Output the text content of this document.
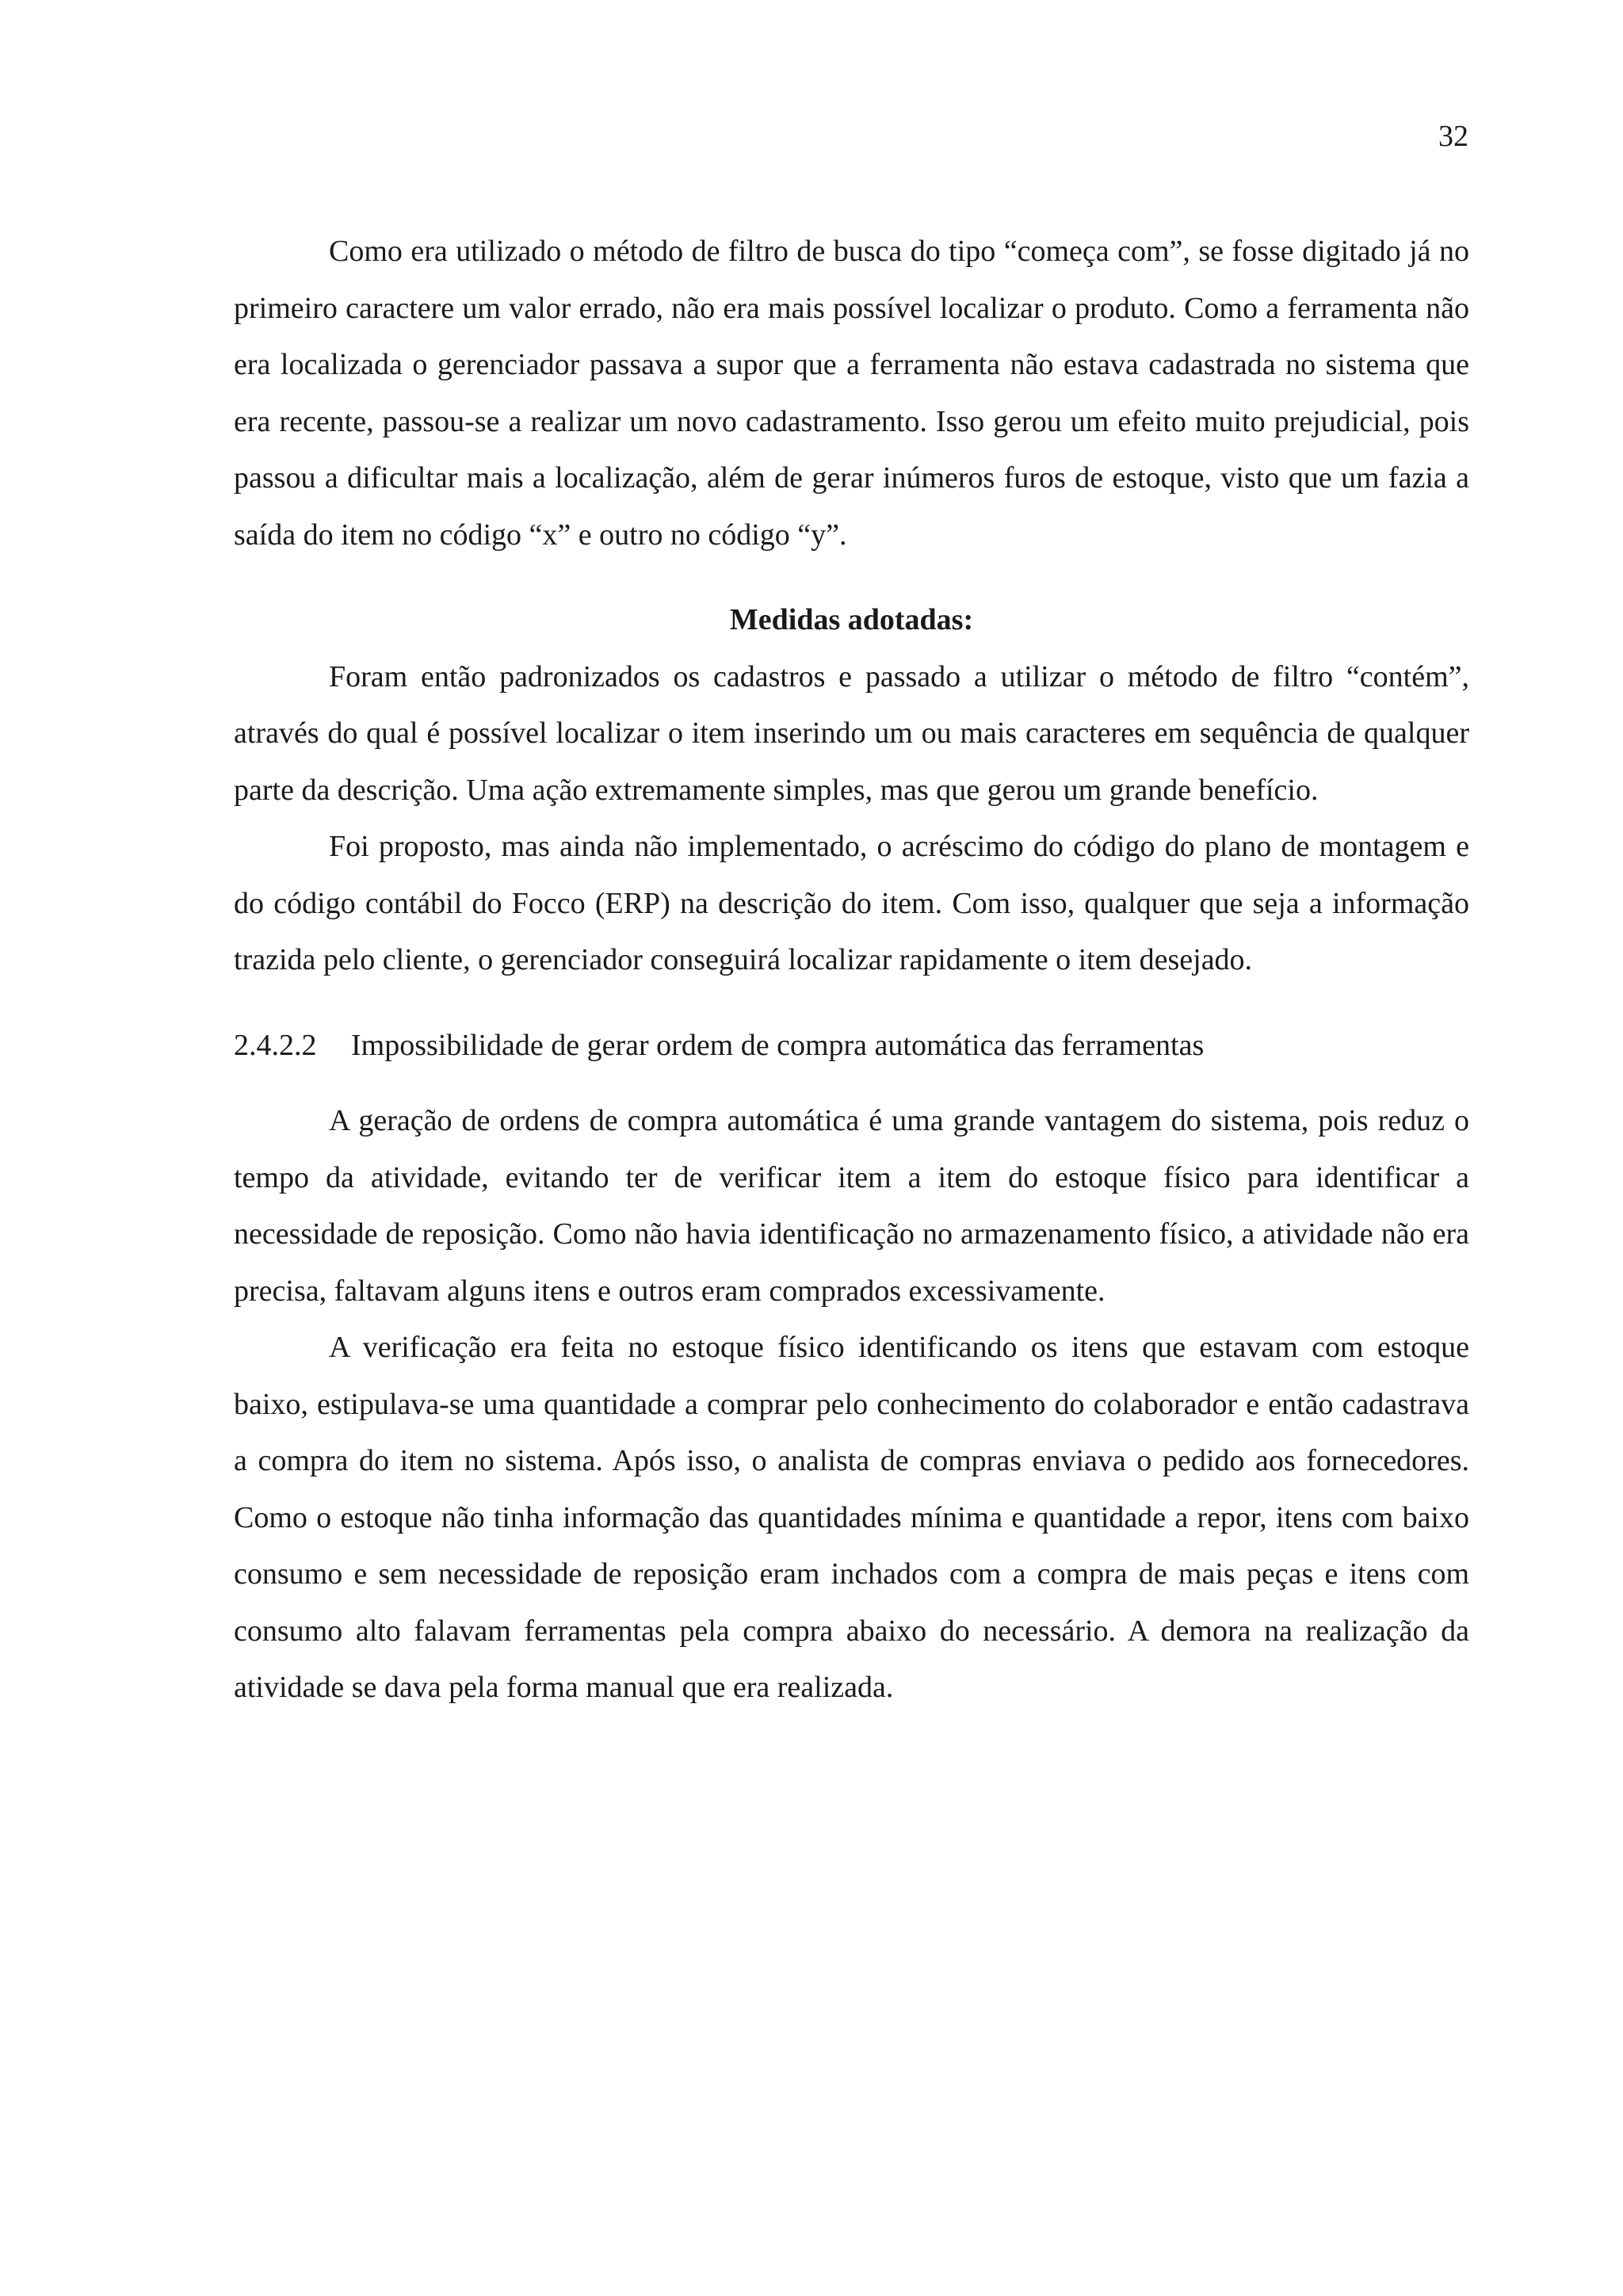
32

Como era utilizado o método de filtro de busca do tipo “começa com”, se fosse digitado já no primeiro caractere um valor errado, não era mais possível localizar o produto. Como a ferramenta não era localizada o gerenciador passava a supor que a ferramenta não estava cadastrada no sistema que era recente, passou-se a realizar um novo cadastramento. Isso gerou um efeito muito prejudicial, pois passou a dificultar mais a localização, além de gerar inúmeros furos de estoque, visto que um fazia a saída do item no código “x” e outro no código “y”.

Medidas adotadas:

Foram então padronizados os cadastros e passado a utilizar o método de filtro “contém”, através do qual é possível localizar o item inserindo um ou mais caracteres em sequência de qualquer parte da descrição. Uma ação extremamente simples, mas que gerou um grande benefício.

Foi proposto, mas ainda não implementado, o acréscimo do código do plano de montagem e do código contábil do Focco (ERP) na descrição do item. Com isso, qualquer que seja a informação trazida pelo cliente, o gerenciador conseguirá localizar rapidamente o item desejado.

2.4.2.2	Impossibilidade de gerar ordem de compra automática das ferramentas

A geração de ordens de compra automática é uma grande vantagem do sistema, pois reduz o tempo da atividade, evitando ter de verificar item a item do estoque físico para identificar a necessidade de reposição. Como não havia identificação no armazenamento físico, a atividade não era precisa, faltavam alguns itens e outros eram comprados excessivamente.

A verificação era feita no estoque físico identificando os itens que estavam com estoque baixo, estipulava-se uma quantidade a comprar pelo conhecimento do colaborador e então cadastrava a compra do item no sistema. Após isso, o analista de compras enviava o pedido aos fornecedores. Como o estoque não tinha informação das quantidades mínima e quantidade a repor, itens com baixo consumo e sem necessidade de reposição eram inchados com a compra de mais peças e itens com consumo alto falavam ferramentas pela compra abaixo do necessário. A demora na realização da atividade se dava pela forma manual que era realizada.
